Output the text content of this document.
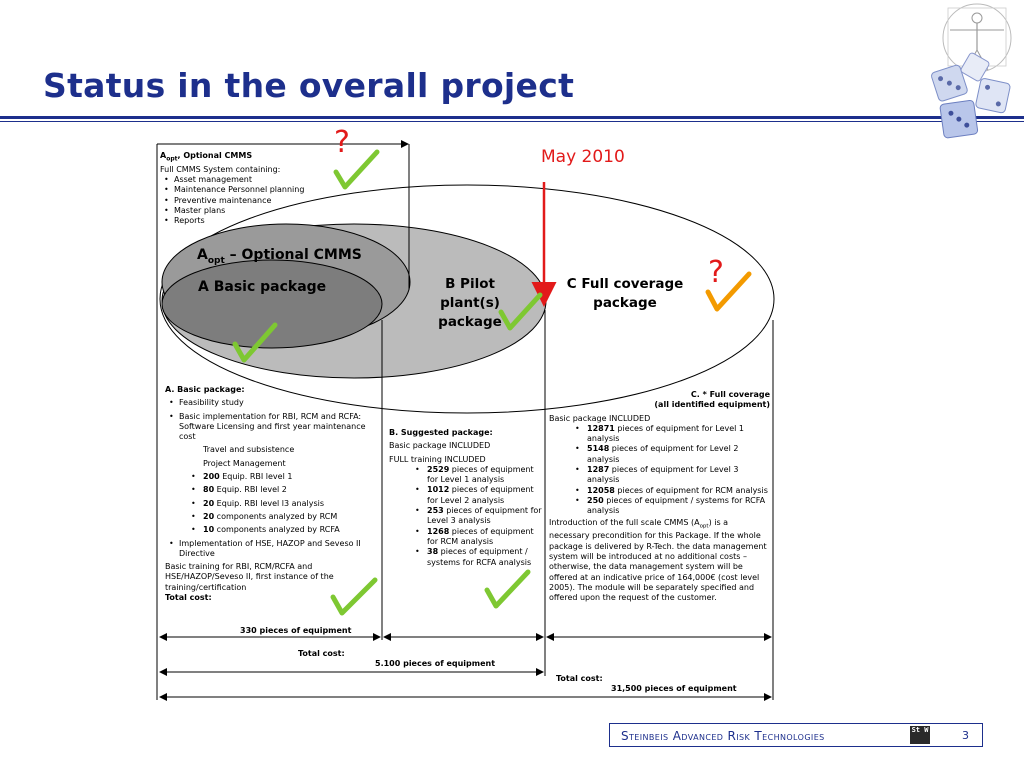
Status in the overall project
?
?
May 2010
$A_{opt}$ – Optional CMMS
A Basic package	B Pilot
plant(s)
package
C Full coverage
package
$A_{opt}$, Optional CMMS
Full CMMS System containing:
• Asset management
• Maintenance Personnel planning
• Preventive maintenance
• Master plans
• Reports
A. Basic package:
• Feasibility study
• Basic implementation for RBI, RCM and RCFA: Software Licensing and first year maintenance cost
Travel and subsistence
Project Management
• 200 Equip. RBI level 1
• 80 Equip. RBI level 2
• 20 Equip. RBI level l3 analysis
• 20 components analyzed by RCM
• 10 components analyzed by RCFA
• Implementation of HSE, HAZOP and Seveso II Directive
Basic training for RBI, RCM/RCFA and HSE/HAZOP/Seveso II, first instance of the training/certification
Total cost:
330 pieces of equipment
B. Suggested package:
Basic package INCLUDED
FULL training INCLUDED
• 2529 pieces of equipment for Level 1 analysis
• 1012 pieces of equipment for Level 2 analysis
• 253 pieces of equipment for Level 3 analysis
• 1268 pieces of equipment for RCM analysis
• 38 pieces of equipment / systems for RCFA analysis
Total cost:
5.100 pieces of equipment
C. * Full coverage
(all identified equipment)
Basic package INCLUDED
• 12871 pieces of equipment for Level 1 analysis
• 5148 pieces of equipment for Level 2 analysis
• 1287 pieces of equipment for Level 3 analysis
• 12058 pieces of equipment for RCM analysis
• 250 pieces of equipment / systems for RCFA analysis
Introduction of the full scale CMMS $(A_{opt})$ is a necessary precondition for this Package. If the whole package is delivered by R-Tech. the data management system will be introduced at no additional costs – otherwise, the data management system will be offered at an indicative price of 164,000€ (cost level 2005). The module will be separately specified and offered upon the request of the customer.
Total cost:
31,500 pieces of equipment
Steinbeis Advanced Risk Technologies	St W	3
